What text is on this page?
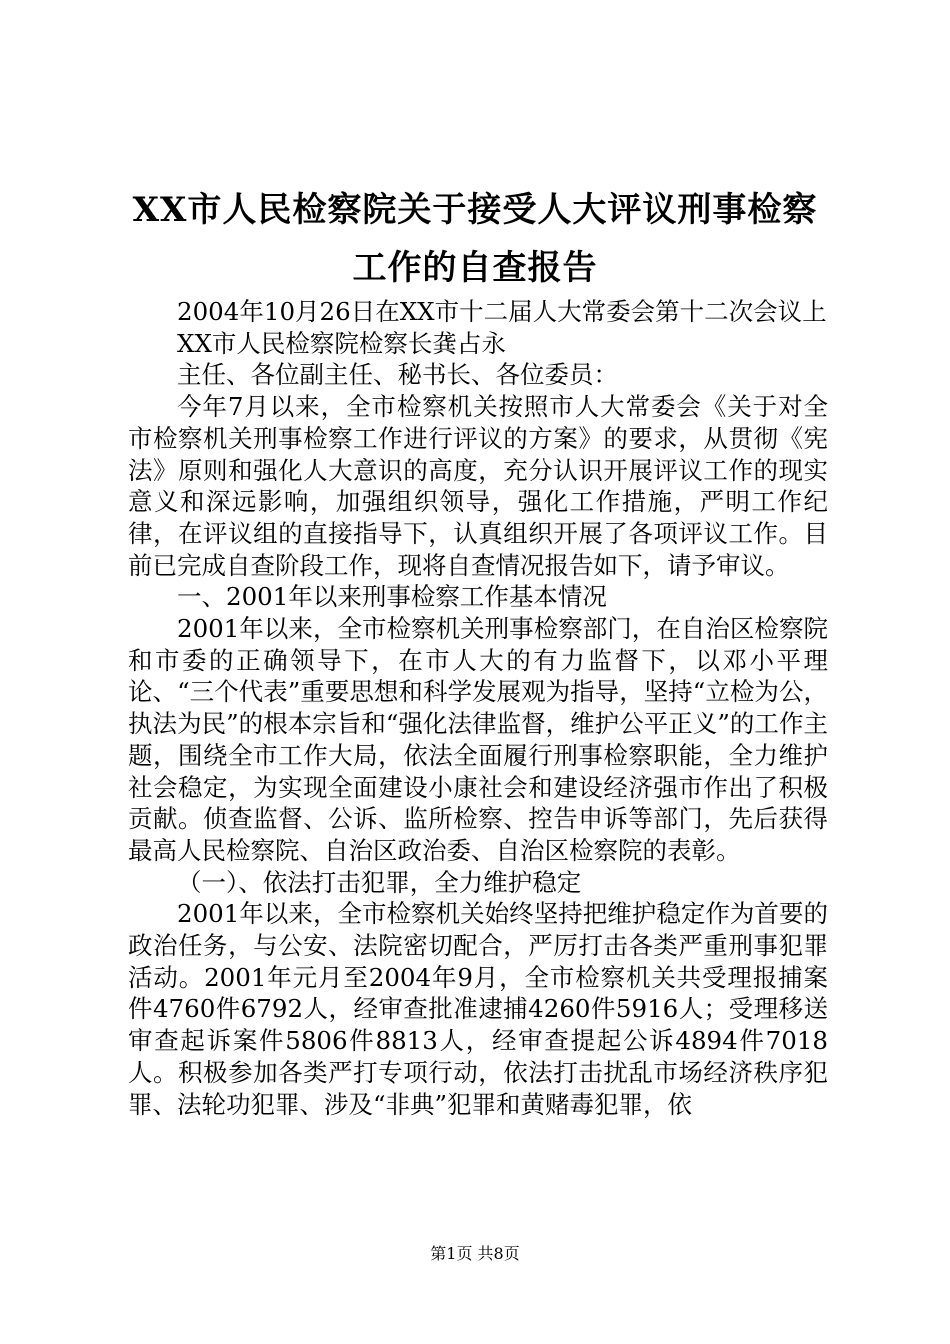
XX市人民检察院关于接受人大评议刑事检察
工作的自查报告

2004年10月26日在XX市十二届人大常委会第十二次会议上

XX市人民检察院检察长龚占永

主任、各位副主任、秘书长、各位委员：

今年7月以来，全市检察机关按照市人大常委会《关于对全市检察机关刑事检察工作进行评议的方案》的要求，从贯彻《宪法》原则和强化人大意识的高度，充分认识开展评议工作的现实意义和深远影响，加强组织领导，强化工作措施，严明工作纪律，在评议组的直接指导下，认真组织开展了各项评议工作。目前已完成自查阶段工作，现将自查情况报告如下，请予审议。

一、2001年以来刑事检察工作基本情况

2001年以来，全市检察机关刑事检察部门，在自治区检察院和市委的正确领导下，在市人大的有力监督下，以邓小平理论、“三个代表”重要思想和科学发展观为指导，坚持“立检为公，执法为民”的根本宗旨和“强化法律监督，维护公平正义”的工作主题，围绕全市工作大局，依法全面履行刑事检察职能，全力维护社会稳定，为实现全面建设小康社会和建设经济强市作出了积极贡献。侦查监督、公诉、监所检察、控告申诉等部门，先后获得最高人民检察院、自治区政治委、自治区检察院的表彰。

（一）、依法打击犯罪，全力维护稳定

2001年以来，全市检察机关始终坚持把维护稳定作为首要的政治任务，与公安、法院密切配合，严厉打击各类严重刑事犯罪活动。2001年元月至2004年9月，全市检察机关共受理报捕案件4760件6792人，经审查批准逮捕4260件5916人；受理移送审查起诉案件5806件8813人，经审查提起公诉4894件7018人。积极参加各类严打专项行动，依法打击扰乱市场经济秩序犯罪、法轮功犯罪、涉及“非典”犯罪和黄赌毒犯罪，依

第1页 共8页
